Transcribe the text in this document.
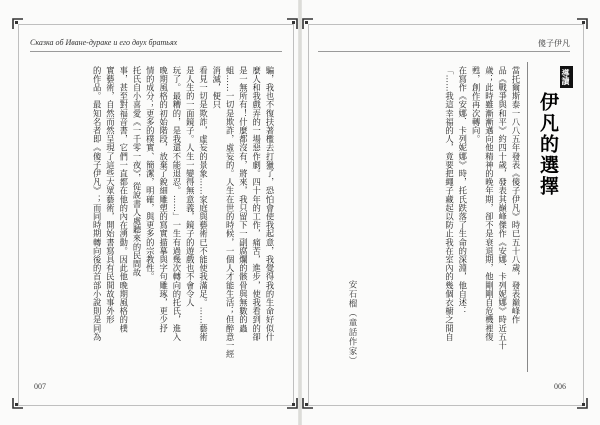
Сказка об Иване-дураке и его двух братьях	傻子伊凡
騙，我也不復扶著檻去打獵了，恐怕會使我起意，我覺得我的生命好似什
麼人和我戲弄的一場惡作劇。四十年的工作，痛苦，進步，使我看到的卻
是一無所有！什麼都沒有，將來，我只留下一副腐爛的骸骨與無數的蟲
蛆……一切是欺詐，虛妄的。人生在世的時候，一個人才能生活；但醉意一經消滅，便只
看見一切是欺詐，虛妄的景象……家庭與藝術已不能使我滿足。……藝術
是人生的一面鏡子。人生一變得無意義，鏡子的遊戲也不會令人
玩了。最糟的，是我還不能退忍。……」一生有過幾次轉向的托氏，進入
晚期風格的初始階段，放棄了銳細雕塑的寫實描摹與字句雕琢，更少抒
情的成分；更多的樸實、簡潔，明確，與更多的宗教性。
托氏自小喜愛《一千零一夜》，從說書人處聽來的民間故
事，甚至對福音書，它們一直都在他的內在湧動。因此他晚期風格的樸
實藝術，自然而然呈現了這些大眾藝術，開始書寫具有民間故事外形
的作品。最知名者即《傻子伊凡》；而同時期轉向後的首部小說則是同為	導讀
伊凡的選擇
當托爾斯泰一八八五年發表《傻子伊凡》時已五十八歲，發表巔峰作
品《戰爭與和平》約四十歲，發表其巔峰傑作《安娜．卡列妮娜》時近五十
歲；此時雖漸漸邁向他精神的晚年期，卻不是衰退期，他剛剛自危機裡復
甦，創作再次轉向。
在寫作《安娜．卡列妮娜》時，托氏跌落了生命的深淵，他自述：
「……我這幸福的人，竟要把繩子藏起以防止我在室內的幾個衣櫥之間自
安石榴（童話作家）
007	006
